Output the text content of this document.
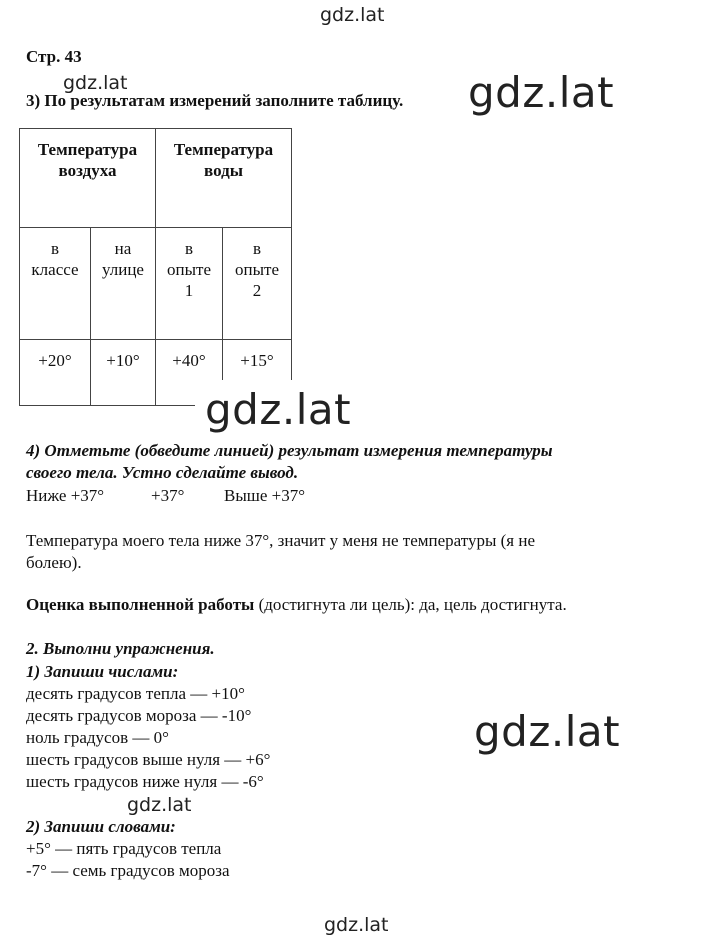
gdz.lat
gdz.lat
Стр. 43
3) По результатам измерений заполните таблицу. gdz.lat
Температура воздуха		Температура воды	

в классе	на улице	в опыте 1	в опыте 2

+20°	+10°	+40°	+15°
gdz.lat
4) Отметьте (обведите линией) результат измерения температуры
своего тела. Устно сделайте вывод.
Ниже +37°	+37° Выше +37°
Температура моего тела ниже 37°, значит у меня не температуры (я не
болею).
Оценка выполненной работы (достигнута ли цель): да, цель достигнута.
2. Выполни упражнения.
1) Запиши числами:
десять градусов тепла — +10°
десять градусов мороза — -10°
ноль градусов — 0°
шесть градусов выше нуля — +6°
шесть градусов ниже нуля — -6°
gdz.lat
gdz.lat
2) Запиши словами:
+5° — пять градусов тепла
-7° — семь градусов мороза
gdz.lat
